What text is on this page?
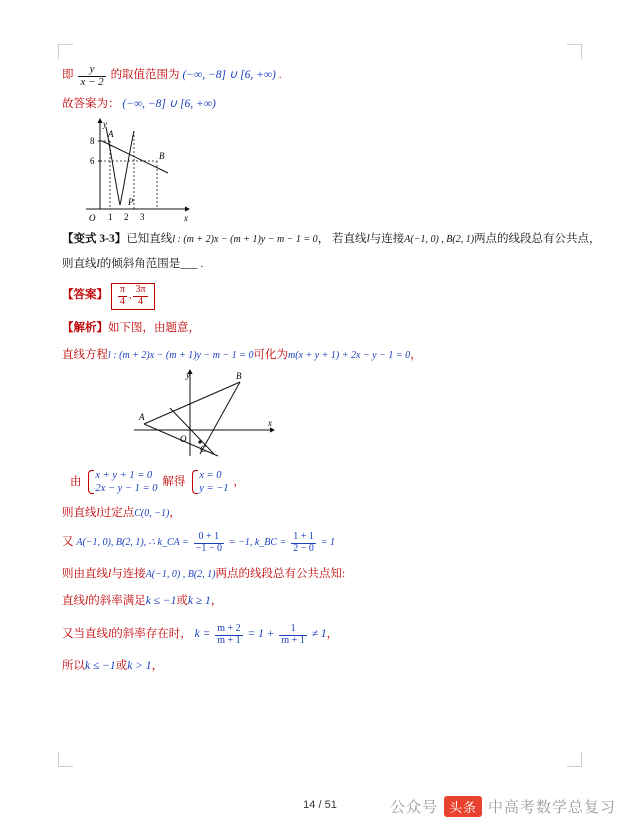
即 $\frac{y}{x - 2}$ 的取值范围为 (−∞, −8] ∪ [6, +∞) .
故答案为： (−∞, −8] ∪ [6, +∞)
8
6
A
B
O	x
y
1 2 3
P
【变式 3-3】已知直线l : (m + 2)x − (m + 1)y − m − 1 = 0， 若直线l与连接A(−1, 0) , B(2, 1)两点的线段总有公共点，
则直线l的倾斜角范围是___ .
【答案】 $\frac{\pi}{4}$ , $\frac{3\pi}{4}$
【解析】如下图，由题意，
直线方程l : (m + 2)x − (m + 1)y − m − 1 = 0可化为m(x + y + 1) + 2x − y − 1 = 0，
y
x
O
A
B
C
由
x + y + 1 = 0
2x − y − 1 = 0
解得
x = 0
y = −1
，
则直线l过定点C(0, −1)，
又 A(−1, 0), B(2, 1), ∴ k_CA = $\frac{0 + 1}{-1 - 0} = -1$, k_BC = $\frac{1 + 1}{2 - 0} = 1$
则由直线l与连接A(−1, 0) , B(2, 1)两点的线段总有公共点知:
直线l的斜率满足k ≤ −1或k ≥ 1，
又当直线l的斜率存在时， $k = \frac{m + 2}{m + 1} = 1 + \frac{1}{m + 1} \ne 1$，
所以k ≤ −1或k > 1，
14 / 51	公众号 头条 中高考数学总复习
